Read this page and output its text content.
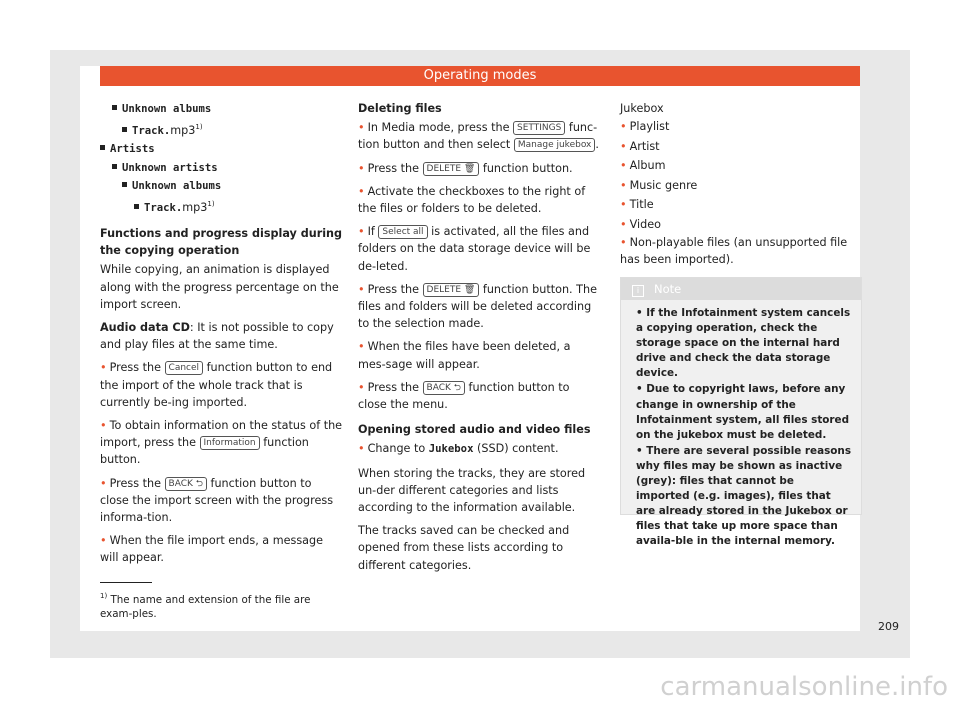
Operating modes
Unknown albums
Track.mp3$^{1)}$
Artists
Unknown artists
Unknown albums
Track.mp3$^{1)}$

Functions and progress display during the copying operation

While copying, an animation is displayed along with the progress percentage on the import screen.

Audio data CD: It is not possible to copy and play files at the same time.

• Press the Cancel function button to end the import of the whole track that is currently be-ing imported.

• To obtain information on the status of the import, press the Information function button.

• Press the BACK ⮌ function button to close the import screen with the progress informa-tion.

• When the file import ends, a message will appear.

Deleting files

• In Media mode, press the SETTINGS func-tion button and then select Manage jukebox .

• Press the DELETE 🗑 function button.

• Activate the checkboxes to the right of the files or folders to be deleted.

• If Select all is activated, all the files and folders on the data storage device will be de-leted.

• Press the DELETE 🗑 function button. The files and folders will be deleted according to the selection made.

• When the files have been deleted, a mes-sage will appear.

• Press the BACK ⮌ function button to close the menu.

Opening stored audio and video files

• Change to Jukebox (SSD) content.

When storing the tracks, they are stored un-der different categories and lists according to the information available.

The tracks saved can be checked and opened from these lists according to different categories.

Jukebox

• Playlist
• Artist
• Album
• Music genre
• Title
• Video
• Non-playable files (an unsupported file has been imported).
i Note

• If the Infotainment system cancels a copying operation, check the storage space on the internal hard drive and check the data storage device.

• Due to copyright laws, before any change in ownership of the Infotainment system, all files stored on the jukebox must be deleted.

• There are several possible reasons why files may be shown as inactive (grey): files that cannot be imported (e.g. images), files that are already stored in the Jukebox or files that take up more space than availa-ble in the internal memory.

$^{1)}$ The name and extension of the file are exam-ples.
209
carmanualsonline.info
